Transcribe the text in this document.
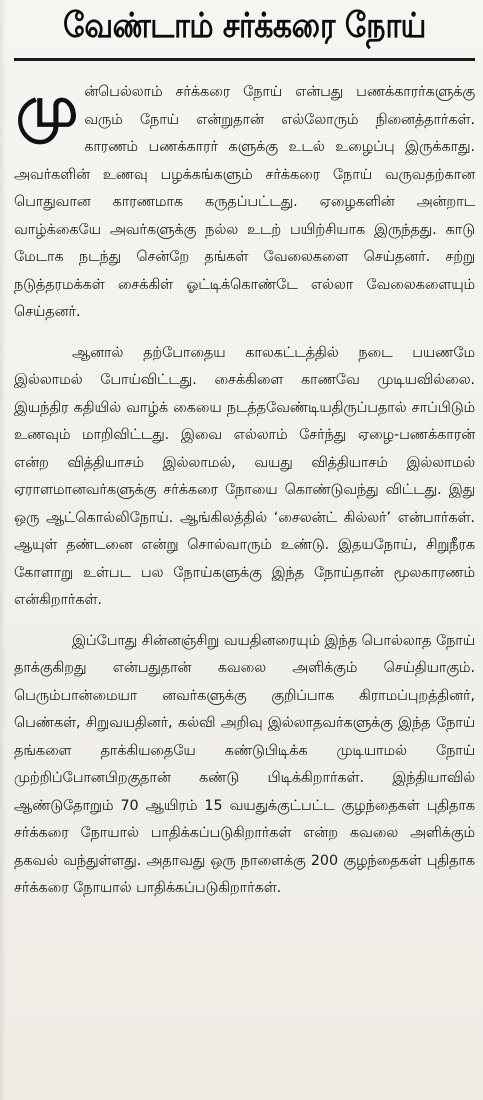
வேண்டாம் சர்க்கரை நோய்

முன்பெல்லாம் சர்க்கரை நோய் என்பது பணக்காரர்களுக்கு வரும் நோய் என்றுதான் எல்லோரும் நினைத்தார்கள். காரணம் பணக்காரர் களுக்கு உடல் உழைப்பு இருக்காது. அவர்களின் உணவு பழக்கங்களும் சர்க்கரை நோய் வருவதற்கான பொதுவான காரணமாக கருதப்பட்டது. ஏழைகளின் அன்றாட வாழ்க்கையே அவர்களுக்கு நல்ல உடற் பயிற்சியாக இருந்தது. காடு மேடாக நடந்து சென்றே தங்கள் வேலைகளை செய்தனர். சற்று நடுத்தரமக்கள் சைக்கிள் ஓட்டிக்கொண்டே எல்லா வேலைகளையும் செய்தனர்.

ஆனால் தற்போதைய காலகட்டத்தில் நடை பயணமே இல்லாமல் போய்விட்டது. சைக்கிளை காணவே முடியவில்லை. இயந்திர கதியில் வாழ்க் கையை நடத்தவேண்டியதிருப்பதால் சாப்பிடும் உணவும் மாறிவிட்டது. இவை எல்லாம் சேர்ந்து ஏழை-பணக்காரன் என்ற வித்தியாசம் இல்லாமல், வயது வித்தியாசம் இல்லாமல் ஏராளமானவர்களுக்கு சர்க்கரை நோயை கொண்டுவந்து விட்டது. இது ஒரு ஆட்கொல்லிநோய். ஆங்கிலத்தில் ‘சைலன்ட் கில்லர்’ என்பார்கள். ஆயுள் தண்டனை என்று சொல்வாரும் உண்டு. இதயநோய், சிறுநீரக கோளாறு உள்பட பல நோய்களுக்கு இந்த நோய்தான் மூலகாரணம் என்கிறார்கள்.

இப்போது சின்னஞ்சிறு வயதினரையும் இந்த பொல்லாத நோய் தாக்குகிறது என்பதுதான் கவலை அளிக்கும் செய்தியாகும். பெரும்பான்மையா னவர்களுக்கு குறிப்பாக கிராமப்புறத்தினர், பெண்கள், சிறுவயதினர், கல்வி அறிவு இல்லாதவர்களுக்கு இந்த நோய் தங்களை தாக்கியதையே கண்டுபிடிக்க முடியாமல் நோய் முற்றிப்போனபிறகுதான் கண்டு பிடிக்கிறார்கள். இந்தியாவில் ஆண்டுதோறும் 70 ஆயிரம் 15 வயதுக்குட்பட்ட குழந்தைகள் புதிதாக சர்க்கரை நோயால் பாதிக்கப்படுகிறார்கள் என்ற கவலை அளிக்கும் தகவல் வந்துள்ளது. அதாவது ஒரு நாளைக்கு 200 குழந்தைகள் புதிதாக சர்க்கரை நோயால் பாதிக்கப்படுகிறார்கள்.
